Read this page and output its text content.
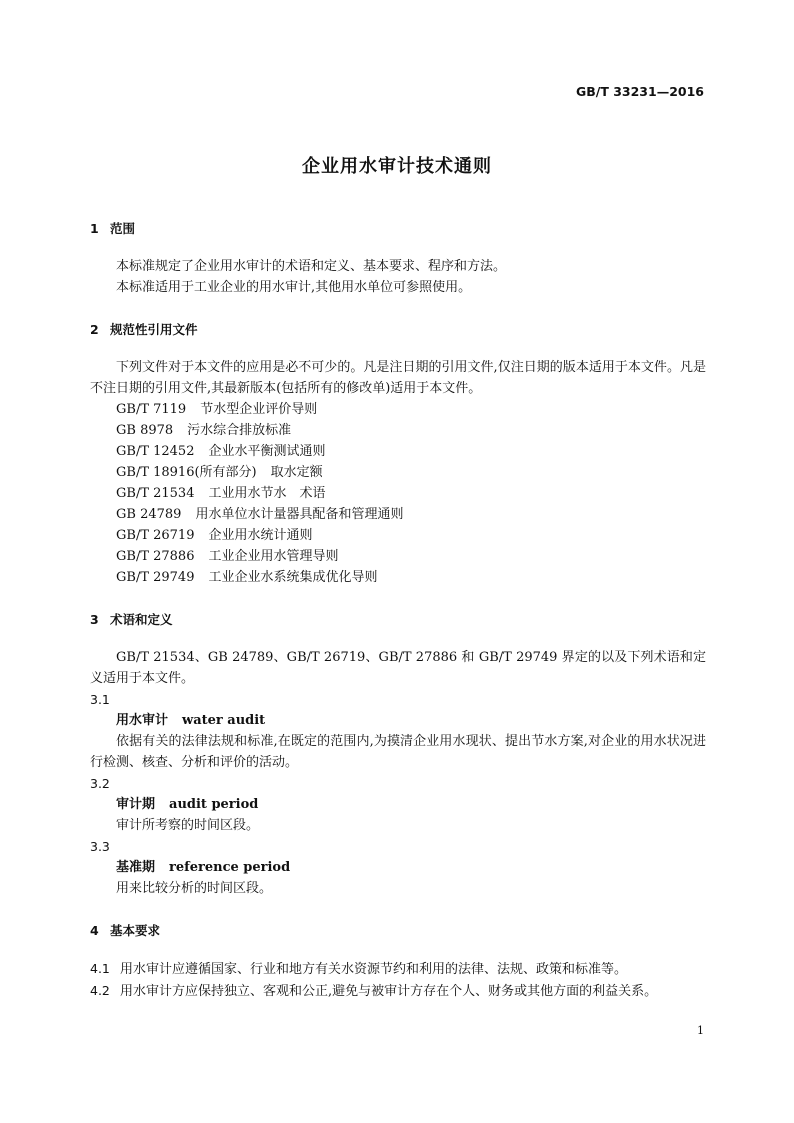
GB/T 33231—2016
企业用水审计技术通则
1 范围
本标准规定了企业用水审计的术语和定义、基本要求、程序和方法。
本标准适用于工业企业的用水审计,其他用水单位可参照使用。
2 规范性引用文件
下列文件对于本文件的应用是必不可少的。凡是注日期的引用文件,仅注日期的版本适用于本文件。凡是不注日期的引用文件,其最新版本(包括所有的修改单)适用于本文件。
GB/T 7119 节水型企业评价导则
GB 8978 污水综合排放标准
GB/T 12452 企业水平衡测试通则
GB/T 18916(所有部分) 取水定额
GB/T 21534 工业用水节水　术语
GB 24789 用水单位水计量器具配备和管理通则
GB/T 26719 企业用水统计通则
GB/T 27886 工业企业用水管理导则
GB/T 29749 工业企业水系统集成优化导则
3 术语和定义
GB/T 21534、GB 24789、GB/T 26719、GB/T 27886 和 GB/T 29749 界定的以及下列术语和定义适用于本文件。
3.1
用水审计 water audit
依据有关的法律法规和标准,在既定的范围内,为摸清企业用水现状、提出节水方案,对企业的用水状况进行检测、核查、分析和评价的活动。
3.2
审计期 audit period
审计所考察的时间区段。
3.3
基准期 reference period
用来比较分析的时间区段。
4 基本要求
4.1 用水审计应遵循国家、行业和地方有关水资源节约和利用的法律、法规、政策和标准等。
4.2 用水审计方应保持独立、客观和公正,避免与被审计方存在个人、财务或其他方面的利益关系。
1
